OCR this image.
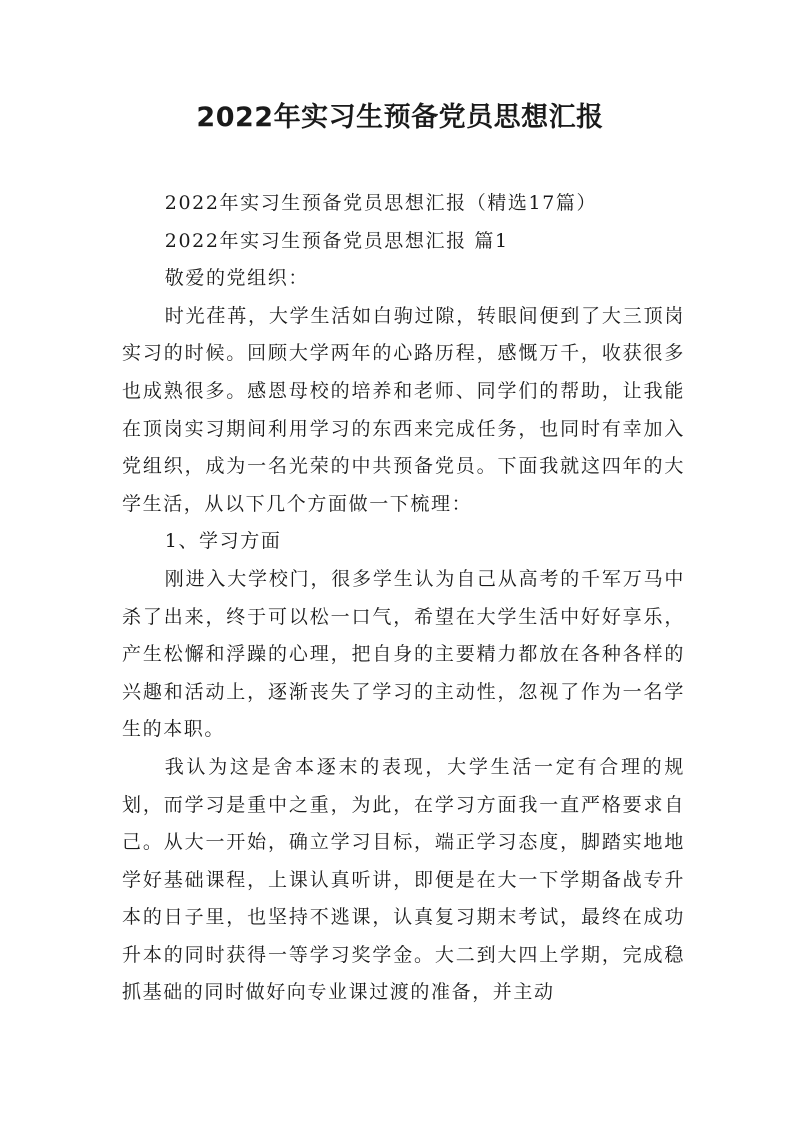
2022年实习生预备党员思想汇报

2022年实习生预备党员思想汇报（精选17篇）

2022年实习生预备党员思想汇报 篇1

敬爱的党组织：

时光荏苒，大学生活如白驹过隙，转眼间便到了大三顶岗实习的时候。回顾大学两年的心路历程，感慨万千，收获很多也成熟很多。感恩母校的培养和老师、同学们的帮助，让我能在顶岗实习期间利用学习的东西来完成任务，也同时有幸加入党组织，成为一名光荣的中共预备党员。下面我就这四年的大学生活，从以下几个方面做一下梳理：

1、学习方面

刚进入大学校门，很多学生认为自己从高考的千军万马中杀了出来，终于可以松一口气，希望在大学生活中好好享乐，产生松懈和浮躁的心理，把自身的主要精力都放在各种各样的兴趣和活动上，逐渐丧失了学习的主动性，忽视了作为一名学生的本职。

我认为这是舍本逐末的表现，大学生活一定有合理的规划，而学习是重中之重，为此，在学习方面我一直严格要求自己。从大一开始，确立学习目标，端正学习态度，脚踏实地地学好基础课程，上课认真听讲，即便是在大一下学期备战专升本的日子里，也坚持不逃课，认真复习期末考试，最终在成功升本的同时获得一等学习奖学金。大二到大四上学期，完成稳抓基础的同时做好向专业课过渡的准备，并主动
